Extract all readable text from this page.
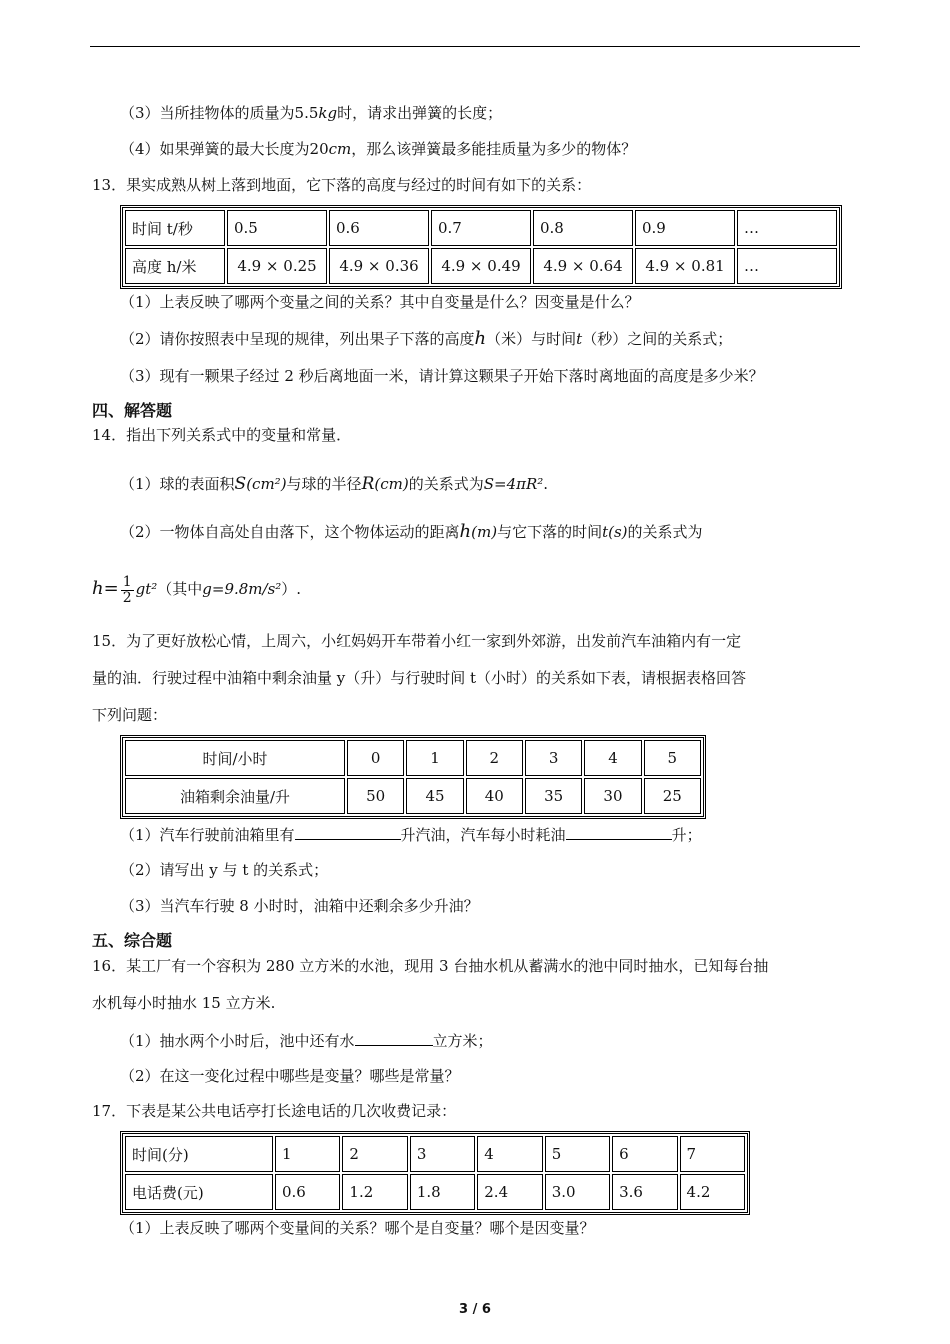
（3）当所挂物体的质量为5.5kg时，请求出弹簧的长度；
（4）如果弹簧的最大长度为20cm，那么该弹簧最多能挂质量为多少的物体？
13．果实成熟从树上落到地面，它下落的高度与经过的时间有如下的关系：
时间 t/秒	0.5	0.6	0.7	0.8	0.9	…
高度 h/米	4.9 × 0.25	4.9 × 0.36	4.9 × 0.49	4.9 × 0.64	4.9 × 0.81	…
（1）上表反映了哪两个变量之间的关系？其中自变量是什么？因变量是什么？
（2）请你按照表中呈现的规律，列出果子下落的高度h（米）与时间t（秒）之间的关系式；
（3）现有一颗果子经过 2 秒后离地面一米，请计算这颗果子开始下落时离地面的高度是多少米？
四、解答题
14．指出下列关系式中的变量和常量．
（1）球的表面积S(cm²)与球的半径R(cm)的关系式为S=4πR².
（2）一物体自高处自由落下，这个物体运动的距离h(m)与它下落的时间t(s)的关系式为
$h= \frac{1}{2} gt^2$（其中g=9.8m/s²）.
15．为了更好放松心情，上周六，小红妈妈开车带着小红一家到外郊游，出发前汽车油箱内有一定
量的油．行驶过程中油箱中剩余油量 y（升）与行驶时间 t（小时）的关系如下表，请根据表格回答
下列问题：
时间/小时	0	1	2	3	4	5
油箱剩余油量/升	50	45	40	35	30	25
（1）汽车行驶前油箱里有	升汽油，汽车每小时耗油	升；
（2）请写出 y 与 t 的关系式；
（3）当汽车行驶 8 小时时，油箱中还剩余多少升油？
五、综合题
16．某工厂有一个容积为 280 立方米的水池，现用 3 台抽水机从蓄满水的池中同时抽水，已知每台抽
水机每小时抽水 15 立方米.
（1）抽水两个小时后，池中还有水	立方米；
（2）在这一变化过程中哪些是变量？哪些是常量？
17．下表是某公共电话亭打长途电话的几次收费记录：
时间(分)	1	2	3	4	5	6	7
电话费(元)	0.6	1.2	1.8	2.4	3.0	3.6	4.2
（1）上表反映了哪两个变量间的关系？哪个是自变量？哪个是因变量？
3 / 6
